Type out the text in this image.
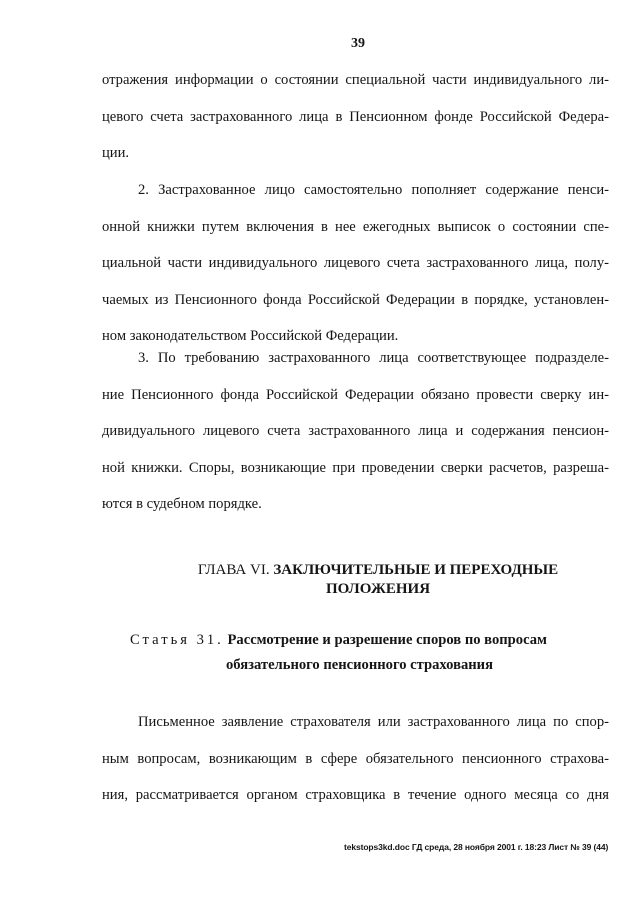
39
отражения информации о состоянии специальной части индивидуального ли-
цевого счета застрахованного лица в Пенсионном фонде Российской Федера-
ции.
2. Застрахованное лицо самостоятельно пополняет содержание пенси-
онной книжки путем включения в нее ежегодных выписок о состоянии спе-
циальной части индивидуального лицевого счета застрахованного лица, полу-
чаемых из Пенсионного фонда Российской Федерации в порядке, установлен-
ном законодательством Российской Федерации.
3. По требованию застрахованного лица соответствующее подразделе-
ние Пенсионного фонда Российской Федерации обязано провести сверку ин-
дивидуального лицевого счета застрахованного лица и содержания пенсион-
ной книжки. Споры, возникающие при проведении сверки расчетов, разреша-
ются в судебном порядке.
ГЛАВА VI. ЗАКЛЮЧИТЕЛЬНЫЕ И ПЕРЕХОДНЫЕ
ПОЛОЖЕНИЯ
Статья 31. Рассмотрение и разрешение споров по вопросам
обязательного пенсионного страхования
Письменное заявление страхователя или застрахованного лица по спор-
ным вопросам, возникающим в сфере обязательного пенсионного страхова-
ния, рассматривается органом страховщика в течение одного месяца со дня
tekstops3kd.doc ГД среда, 28 ноября 2001 г. 18:23 Лист № 39 (44)
